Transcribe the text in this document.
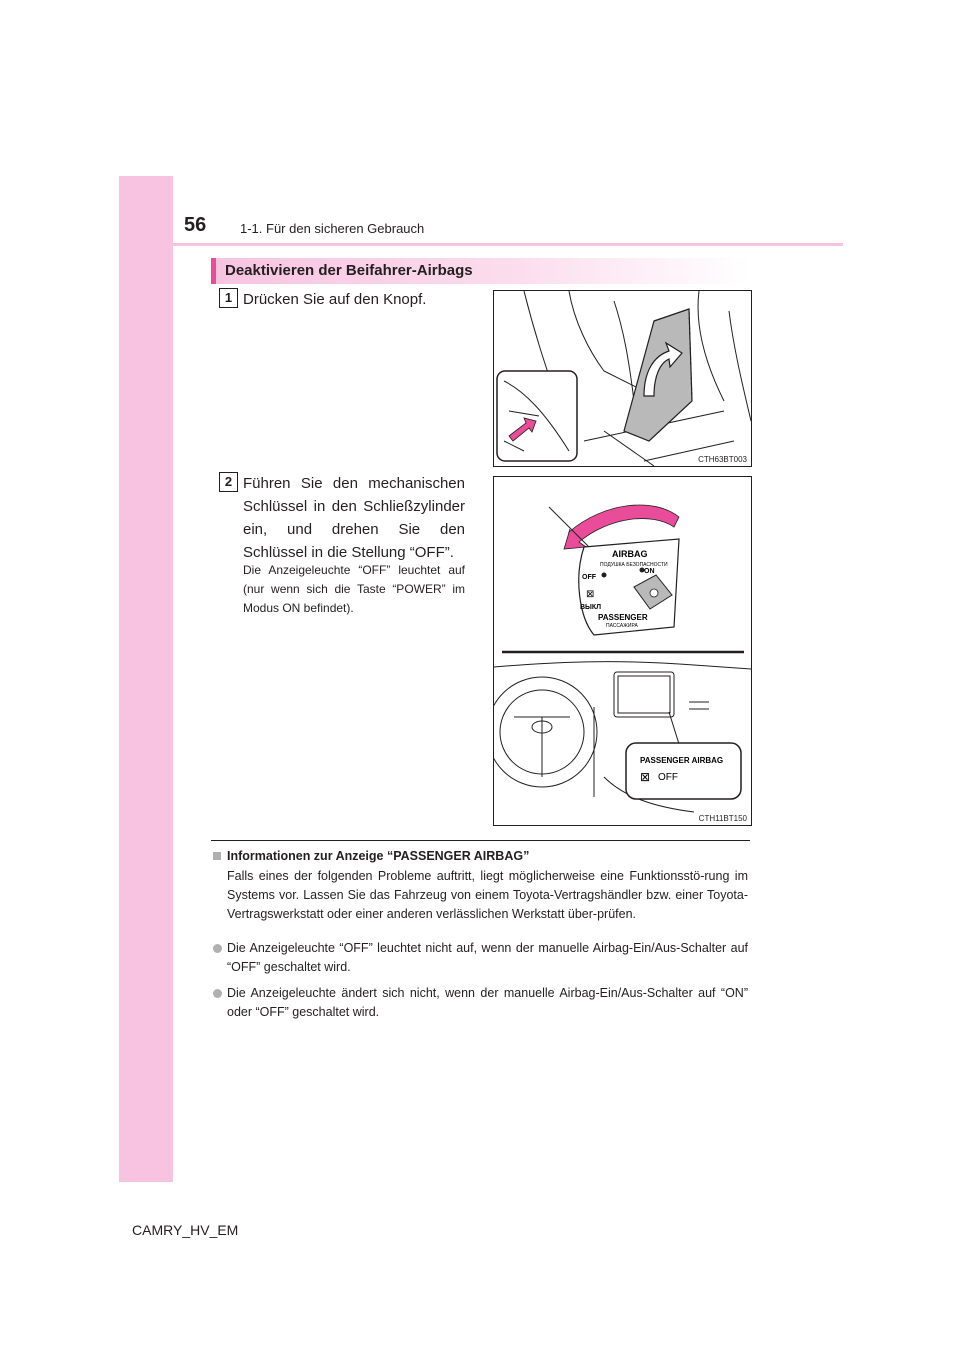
56	1-1. Für den sicheren Gebrauch
Deaktivieren der Beifahrer-Airbags
1 Drücken Sie auf den Knopf.
CTH63BT003
2 Führen Sie den mechanischen Schlüssel in den Schließzylinder ein, und drehen Sie den Schlüssel in die Stellung “OFF”.
Die Anzeigeleuchte “OFF” leuchtet auf (nur wenn sich die Taste “POWER” im Modus ON befindet).
AIRBAG
ПОДУШКА БЕЗОПАСНОСТИ
OFF
ON
⊠
ВЫКЛ
PASSENGER
ПАССАЖИРА
PASSENGER AIRBAG
⊠ OFF
CTH11BT150
Informationen zur Anzeige “PASSENGER AIRBAG”
Falls eines der folgenden Probleme auftritt, liegt möglicherweise eine Funktionsstö-rung im Systems vor. Lassen Sie das Fahrzeug von einem Toyota-Vertragshändler bzw. einer Toyota-Vertragswerkstatt oder einer anderen verlässlichen Werkstatt über-prüfen.
Die Anzeigeleuchte “OFF” leuchtet nicht auf, wenn der manuelle Airbag-Ein/Aus-Schalter auf “OFF” geschaltet wird.
Die Anzeigeleuchte ändert sich nicht, wenn der manuelle Airbag-Ein/Aus-Schalter auf “ON” oder “OFF” geschaltet wird.
CAMRY_HV_EM
